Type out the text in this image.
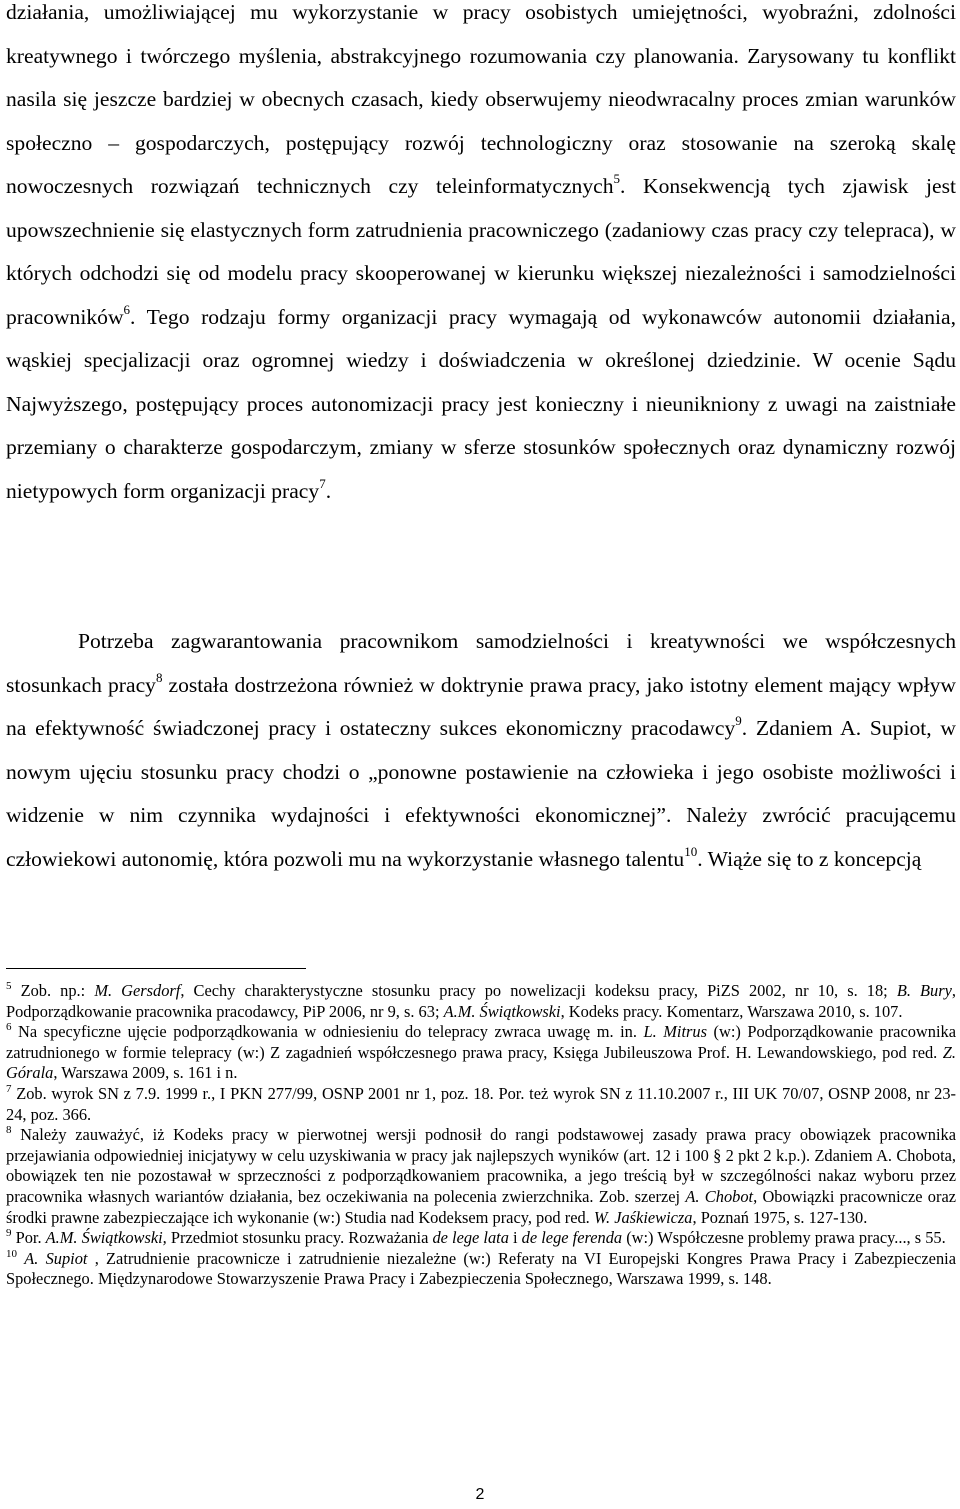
działania, umożliwiającej mu wykorzystanie w pracy osobistych umiejętności, wyobraźni, zdolności kreatywnego i twórczego myślenia, abstrakcyjnego rozumowania czy planowania. Zarysowany tu konflikt nasila się jeszcze bardziej w obecnych czasach, kiedy obserwujemy nieodwracalny proces zmian warunków społeczno – gospodarczych, postępujący rozwój technologiczny oraz stosowanie na szeroką skalę nowoczesnych rozwiązań technicznych czy teleinformatycznych$^5$. Konsekwencją tych zjawisk jest upowszechnienie się elastycznych form zatrudnienia pracowniczego (zadaniowy czas pracy czy telepraca), w których odchodzi się od modelu pracy skooperowanej w kierunku większej niezależności i samodzielności pracowników$^6$. Tego rodzaju formy organizacji pracy wymagają od wykonawców autonomii działania, wąskiej specjalizacji oraz ogromnej wiedzy i doświadczenia w określonej dziedzinie. W ocenie Sądu Najwyższego, postępujący proces autonomizacji pracy jest konieczny i nieunikniony z uwagi na zaistniałe przemiany o charakterze gospodarczym, zmiany w sferze stosunków społecznych oraz dynamiczny rozwój nietypowych form organizacji pracy$^7$.

Potrzeba zagwarantowania pracownikom samodzielności i kreatywności we współczesnych stosunkach pracy$^8$ została dostrzeżona również w doktrynie prawa pracy, jako istotny element mający wpływ na efektywność świadczonej pracy i ostateczny sukces ekonomiczny pracodawcy$^9$. Zdaniem A. Supiot, w nowym ujęciu stosunku pracy chodzi o „ponowne postawienie na człowieka i jego osobiste możliwości i widzenie w nim czynnika wydajności i efektywności ekonomicznej”. Należy zwrócić pracującemu człowiekowi autonomię, która pozwoli mu na wykorzystanie własnego talentu$^{10}$. Wiąże się to z koncepcją

$^5$ Zob. np.: M. Gersdorf, Cechy charakterystyczne stosunku pracy po nowelizacji kodeksu pracy, PiZS 2002, nr 10, s. 18; B. Bury, Podporządkowanie pracownika pracodawcy, PiP 2006, nr 9, s. 63; A.M. Świątkowski, Kodeks pracy. Komentarz, Warszawa 2010, s. 107.

$^6$ Na specyficzne ujęcie podporządkowania w odniesieniu do telepracy zwraca uwagę m. in. L. Mitrus (w:) Podporządkowanie pracownika zatrudnionego w formie telepracy (w:) Z zagadnień współczesnego prawa pracy, Księga Jubileuszowa Prof. H. Lewandowskiego, pod red. Z. Górala, Warszawa 2009, s. 161 i n.

$^7$ Zob. wyrok SN z 7.9. 1999 r., I PKN 277/99, OSNP 2001 nr 1, poz. 18. Por. też wyrok SN z 11.10.2007 r., III UK 70/07, OSNP 2008, nr 23-24, poz. 366.

$^8$ Należy zauważyć, iż Kodeks pracy w pierwotnej wersji podnosił do rangi podstawowej zasady prawa pracy obowiązek pracownika przejawiania odpowiedniej inicjatywy w celu uzyskiwania w pracy jak najlepszych wyników (art. 12 i 100 § 2 pkt 2 k.p.). Zdaniem A. Chobota, obowiązek ten nie pozostawał w sprzeczności z podporządkowaniem pracownika, a jego treścią był w szczególności nakaz wyboru przez pracownika własnych wariantów działania, bez oczekiwania na polecenia zwierzchnika. Zob. szerzej A. Chobot, Obowiązki pracownicze oraz środki prawne zabezpieczające ich wykonanie (w:) Studia nad Kodeksem pracy, pod red. W. Jaśkiewicza, Poznań 1975, s. 127-130.

$^9$ Por. A.M. Świątkowski, Przedmiot stosunku pracy. Rozważania de lege lata i de lege ferenda (w:) Współczesne problemy prawa pracy..., s 55.

$^{10}$ A. Supiot , Zatrudnienie pracownicze i zatrudnienie niezależne (w:) Referaty na VI Europejski Kongres Prawa Pracy i Zabezpieczenia Społecznego. Międzynarodowe Stowarzyszenie Prawa Pracy i Zabezpieczenia Społecznego, Warszawa 1999, s. 148.

2
